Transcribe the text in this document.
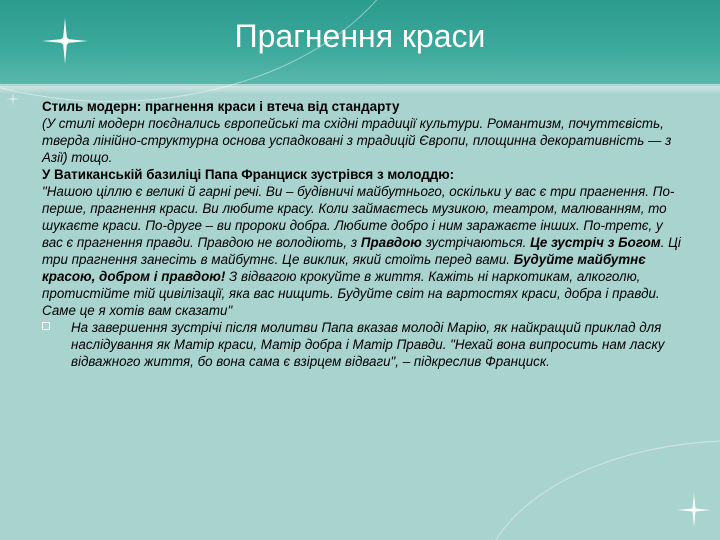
Прагнення краси

Стиль модерн: прагнення краси і втеча від стандарту

(У стилі модерн поєднались європейські та східні традиції культури. Романтизм, почуттєвість, тверда лінійно-структурна основа успадковані з традицій Європи, площинна декоративність — з Азії) тощо.

У Ватиканській базиліці Папа Франциск зустрівся з молоддю:

"Нашою ціллю є великі й гарні речі. Ви – будівничі майбутнього, оскільки у вас є три прагнення. По-перше, прагнення краси. Ви любите красу. Коли займаєтесь музикою, театром, малюванням, то шукаєте краси. По-друге – ви пророки добра. Любите добро і ним заражаєте інших. По-третє, у вас є прагнення правди. Правдою не володіють, з Правдою зустрічаються. Це зустріч з Богом. Ці три прагнення занесіть в майбутнє. Це виклик, який стоїть перед вами. Будуйте майбутнє красою, добром і правдою! З відвагою крокуйте в життя. Кажіть ні наркотикам, алкоголю, протистійте тій цивілізації, яка вас нищить. Будуйте світ на вартостях краси, добра і правди. Саме це я хотів вам сказати"

На завершення зустрічі після молитви Папа вказав молоді Марію, як найкращий приклад для наслідування як Матір краси, Матір добра і Матір Правди. "Нехай вона випросить нам ласку відважного життя, бо вона сама є взірцем відваги", – підкреслив Франциск.
